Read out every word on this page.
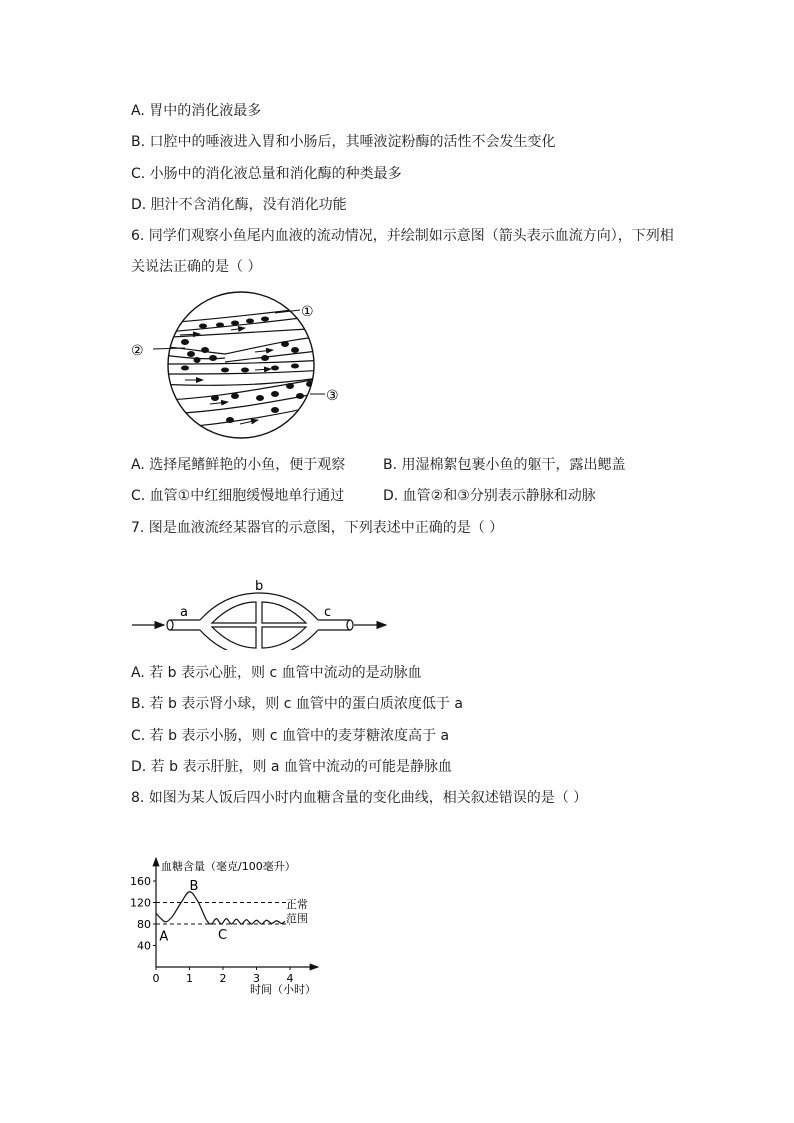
A. 胃中的消化液最多
B. 口腔中的唾液进入胃和小肠后，其唾液淀粉酶的活性不会发生变化
C. 小肠中的消化液总量和消化酶的种类最多
D. 胆汁不含消化酶，没有消化功能
6. 同学们观察小鱼尾内血液的流动情况，并绘制如示意图（箭头表示血流方向），下列相
关说法正确的是（ ）
①
②
③
A. 选择尾鳍鲜艳的小鱼，便于观察	B. 用湿棉絮包裹小鱼的躯干，露出鳃盖
C. 血管①中红细胞缓慢地单行通过	D. 血管②和③分别表示静脉和动脉
7. 图是血液流经某器官的示意图，下列表述中正确的是（ ）
b
a	c
A. 若 b 表示心脏，则 c 血管中流动的是动脉血
B. 若 b 表示肾小球，则 c 血管中的蛋白质浓度低于 a
C. 若 b 表示小肠，则 c 血管中的麦芽糖浓度高于 a
D. 若 b 表示肝脏，则 a 血管中流动的可能是静脉血
8. 如图为某人饭后四小时内血糖含量的变化曲线，相关叙述错误的是（ ）
血糖含量（毫克/100毫升）
时间（小时）
40
80
120
160
0 1 2 3 4
A
B
C
正常
范围
